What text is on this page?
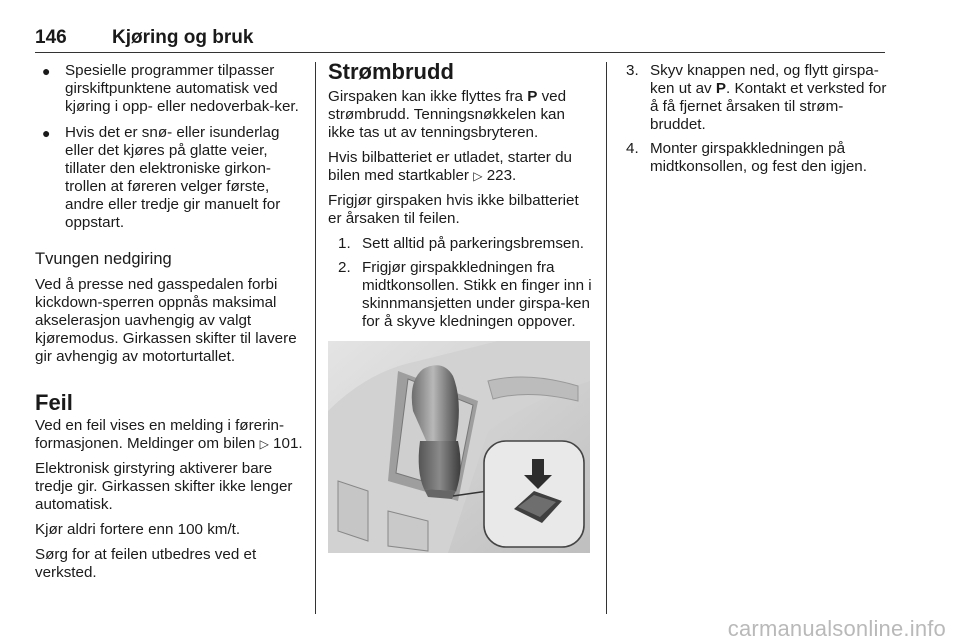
146 Kjøring og bruk
● Spesielle programmer tilpasser girskiftpunktene automatisk ved kjøring i opp- eller nedoverbak-ker.
● Hvis det er snø- eller isunderlag eller det kjøres på glatte veier, tillater den elektroniske girkon-trollen at føreren velger første, andre eller tredje gir manuelt for oppstart.
Tvungen nedgiring

Ved å presse ned gasspedalen forbi kickdown-sperren oppnås maksimal akselerasjon uavhengig av valgt kjøremodus. Girkassen skifter til lavere gir avhengig av motorturtallet.

Feil

Ved en feil vises en melding i førerin-formasjonen. Meldinger om bilen ▷ 101.

Elektronisk girstyring aktiverer bare tredje gir. Girkassen skifter ikke lenger automatisk.

Kjør aldri fortere enn 100 km/t.

Sørg for at feilen utbedres ved et verksted.

Strømbrudd

Girspaken kan ikke flyttes fra P ved strømbrudd. Tenningsnøkkelen kan ikke tas ut av tenningsbryteren.

Hvis bilbatteriet er utladet, starter du bilen med startkabler ▷ 223.

Frigjør girspaken hvis ikke bilbatteriet er årsaken til feilen.

1. Sett alltid på parkeringsbremsen.
2. Frigjør girspakkledningen fra midtkonsollen. Stikk en finger inn i skinnmansjetten under girspa-ken for å skyve kledningen oppover.
3. Skyv knappen ned, og flytt girspa-ken ut av P. Kontakt et verksted for å få fjernet årsaken til strøm-bruddet.
4. Monter girspakkledningen på midtkonsollen, og fest den igjen.
carmanualsonline.info
